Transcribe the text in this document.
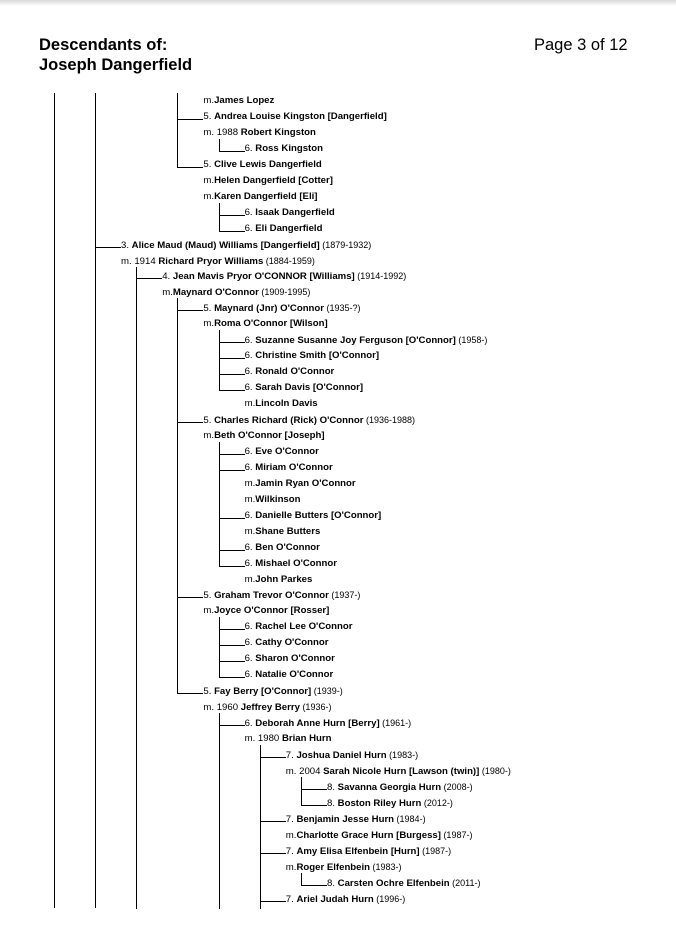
Descendants of:
Joseph Dangerfield
Page 3 of 12
m.James Lopez
5. Andrea Louise Kingston [Dangerfield]
m. 1988 Robert Kingston
6. Ross Kingston
5. Clive Lewis Dangerfield
m.Helen Dangerfield [Cotter]
m.Karen Dangerfield [Eli]
6. Isaak Dangerfield
6. Eli Dangerfield
3. Alice Maud (Maud) Williams [Dangerfield] (1879-1932)
m. 1914 Richard Pryor Williams (1884-1959)
4. Jean Mavis Pryor O'CONNOR [Williams] (1914-1992)
m.Maynard O'Connor (1909-1995)
5. Maynard (Jnr) O'Connor (1935-?)
m.Roma O'Connor [Wilson]
6. Suzanne Susanne Joy Ferguson [O'Connor] (1958-)
6. Christine Smith [O'Connor]
6. Ronald O'Connor
6. Sarah Davis [O'Connor]
m.Lincoln Davis
5. Charles Richard (Rick) O'Connor (1936-1988)
m.Beth O'Connor [Joseph]
6. Eve O'Connor
6. Miriam O'Connor
m.Jamin Ryan O'Connor
m.Wilkinson
6. Danielle Butters [O'Connor]
m.Shane Butters
6. Ben O'Connor
6. Mishael O'Connor
m.John Parkes
5. Graham Trevor O'Connor (1937-)
m.Joyce O'Connor [Rosser]
6. Rachel Lee O'Connor
6. Cathy O'Connor
6. Sharon O'Connor
6. Natalie O'Connor
5. Fay Berry [O'Connor] (1939-)
m. 1960 Jeffrey Berry (1936-)
6. Deborah Anne Hurn [Berry] (1961-)
m. 1980 Brian Hurn
7. Joshua Daniel Hurn (1983-)
m. 2004 Sarah Nicole Hurn [Lawson (twin)] (1980-)
8. Savanna Georgia Hurn (2008-)
8. Boston Riley Hurn (2012-)
7. Benjamin Jesse Hurn (1984-)
m.Charlotte Grace Hurn [Burgess] (1987-)
7. Amy Elisa Elfenbein [Hurn] (1987-)
m.Roger Elfenbein (1983-)
8. Carsten Ochre Elfenbein (2011-)
7. Ariel Judah Hurn (1996-)
